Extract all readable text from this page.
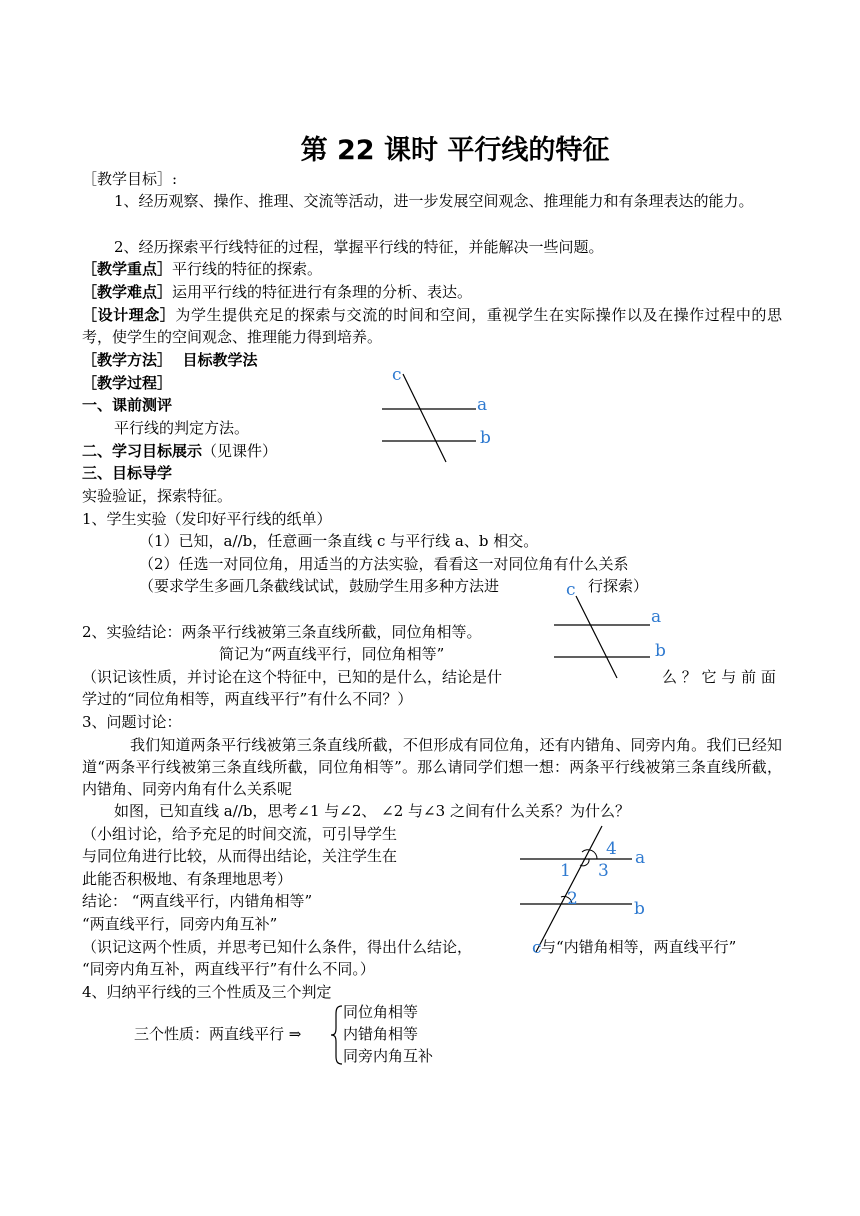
第 22 课时 平行线的特征
［教学目标］:
1、经历观察、操作、推理、交流等活动，进一步发展空间观念、推理能力和有条理表达的能力。
2、经历探索平行线特征的过程，掌握平行线的特征，并能解决一些问题。
［教学重点］平行线的特征的探索。
［教学难点］运用平行线的特征进行有条理的分析、表达。
［设计理念］为学生提供充足的探索与交流的时间和空间，重视学生在实际操作以及在操作过程中的思考，使学生的空间观念、推理能力得到培养。
［教学方法］ 目标教学法
［教学过程］
一、课前测评
平行线的判定方法。
二、学习目标展示（见课件）
三、目标导学
实验验证，探索特征。
1、学生实验（发印好平行线的纸单）
（1）已知，a//b，任意画一条直线 c 与平行线 a、b 相交。
（2）任选一对同位角，用适当的方法实验，看看这一对同位角有什么关系
（要求学生多画几条截线试试，鼓励学生用多种方法进	行探索）
2、实验结论：两条平行线被第三条直线所截，同位角相等。
简记为“两直线平行，同位角相等”
（识记该性质，并讨论在这个特征中，已知的是什么，结论是什	么 ？ 它 与 前 面
学过的“同位角相等，两直线平行”有什么不同？）
3、问题讨论：
我们知道两条平行线被第三条直线所截，不但形成有同位角，还有内错角、同旁内角。我们已经知道“两条平行线被第三条直线所截，同位角相等”。那么请同学们想一想：两条平行线被第三条直线所截，内错角、同旁内角有什么关系呢
如图，已知直线 a//b，思考∠1 与∠2、 ∠2 与∠3 之间有什么关系？为什么？
（小组讨论，给予充足的时间交流，可引导学生
与同位角进行比较，从而得出结论，关注学生在
此能否积极地、有条理地思考）
结论： “两直线平行，内错角相等”
“两直线平行，同旁内角互补”
（识记这两个性质，并思考已知什么条件，得出什么结论，	与“内错角相等，两直线平行”
“同旁内角互补，两直线平行”有什么不同。）
4、归纳平行线的三个性质及三个判定
三个性质：两直线平行 ⇒
同位角相等
内错角相等
同旁内角互补
c
a
b
c
a
b
4 a
1 3
2	b
c
